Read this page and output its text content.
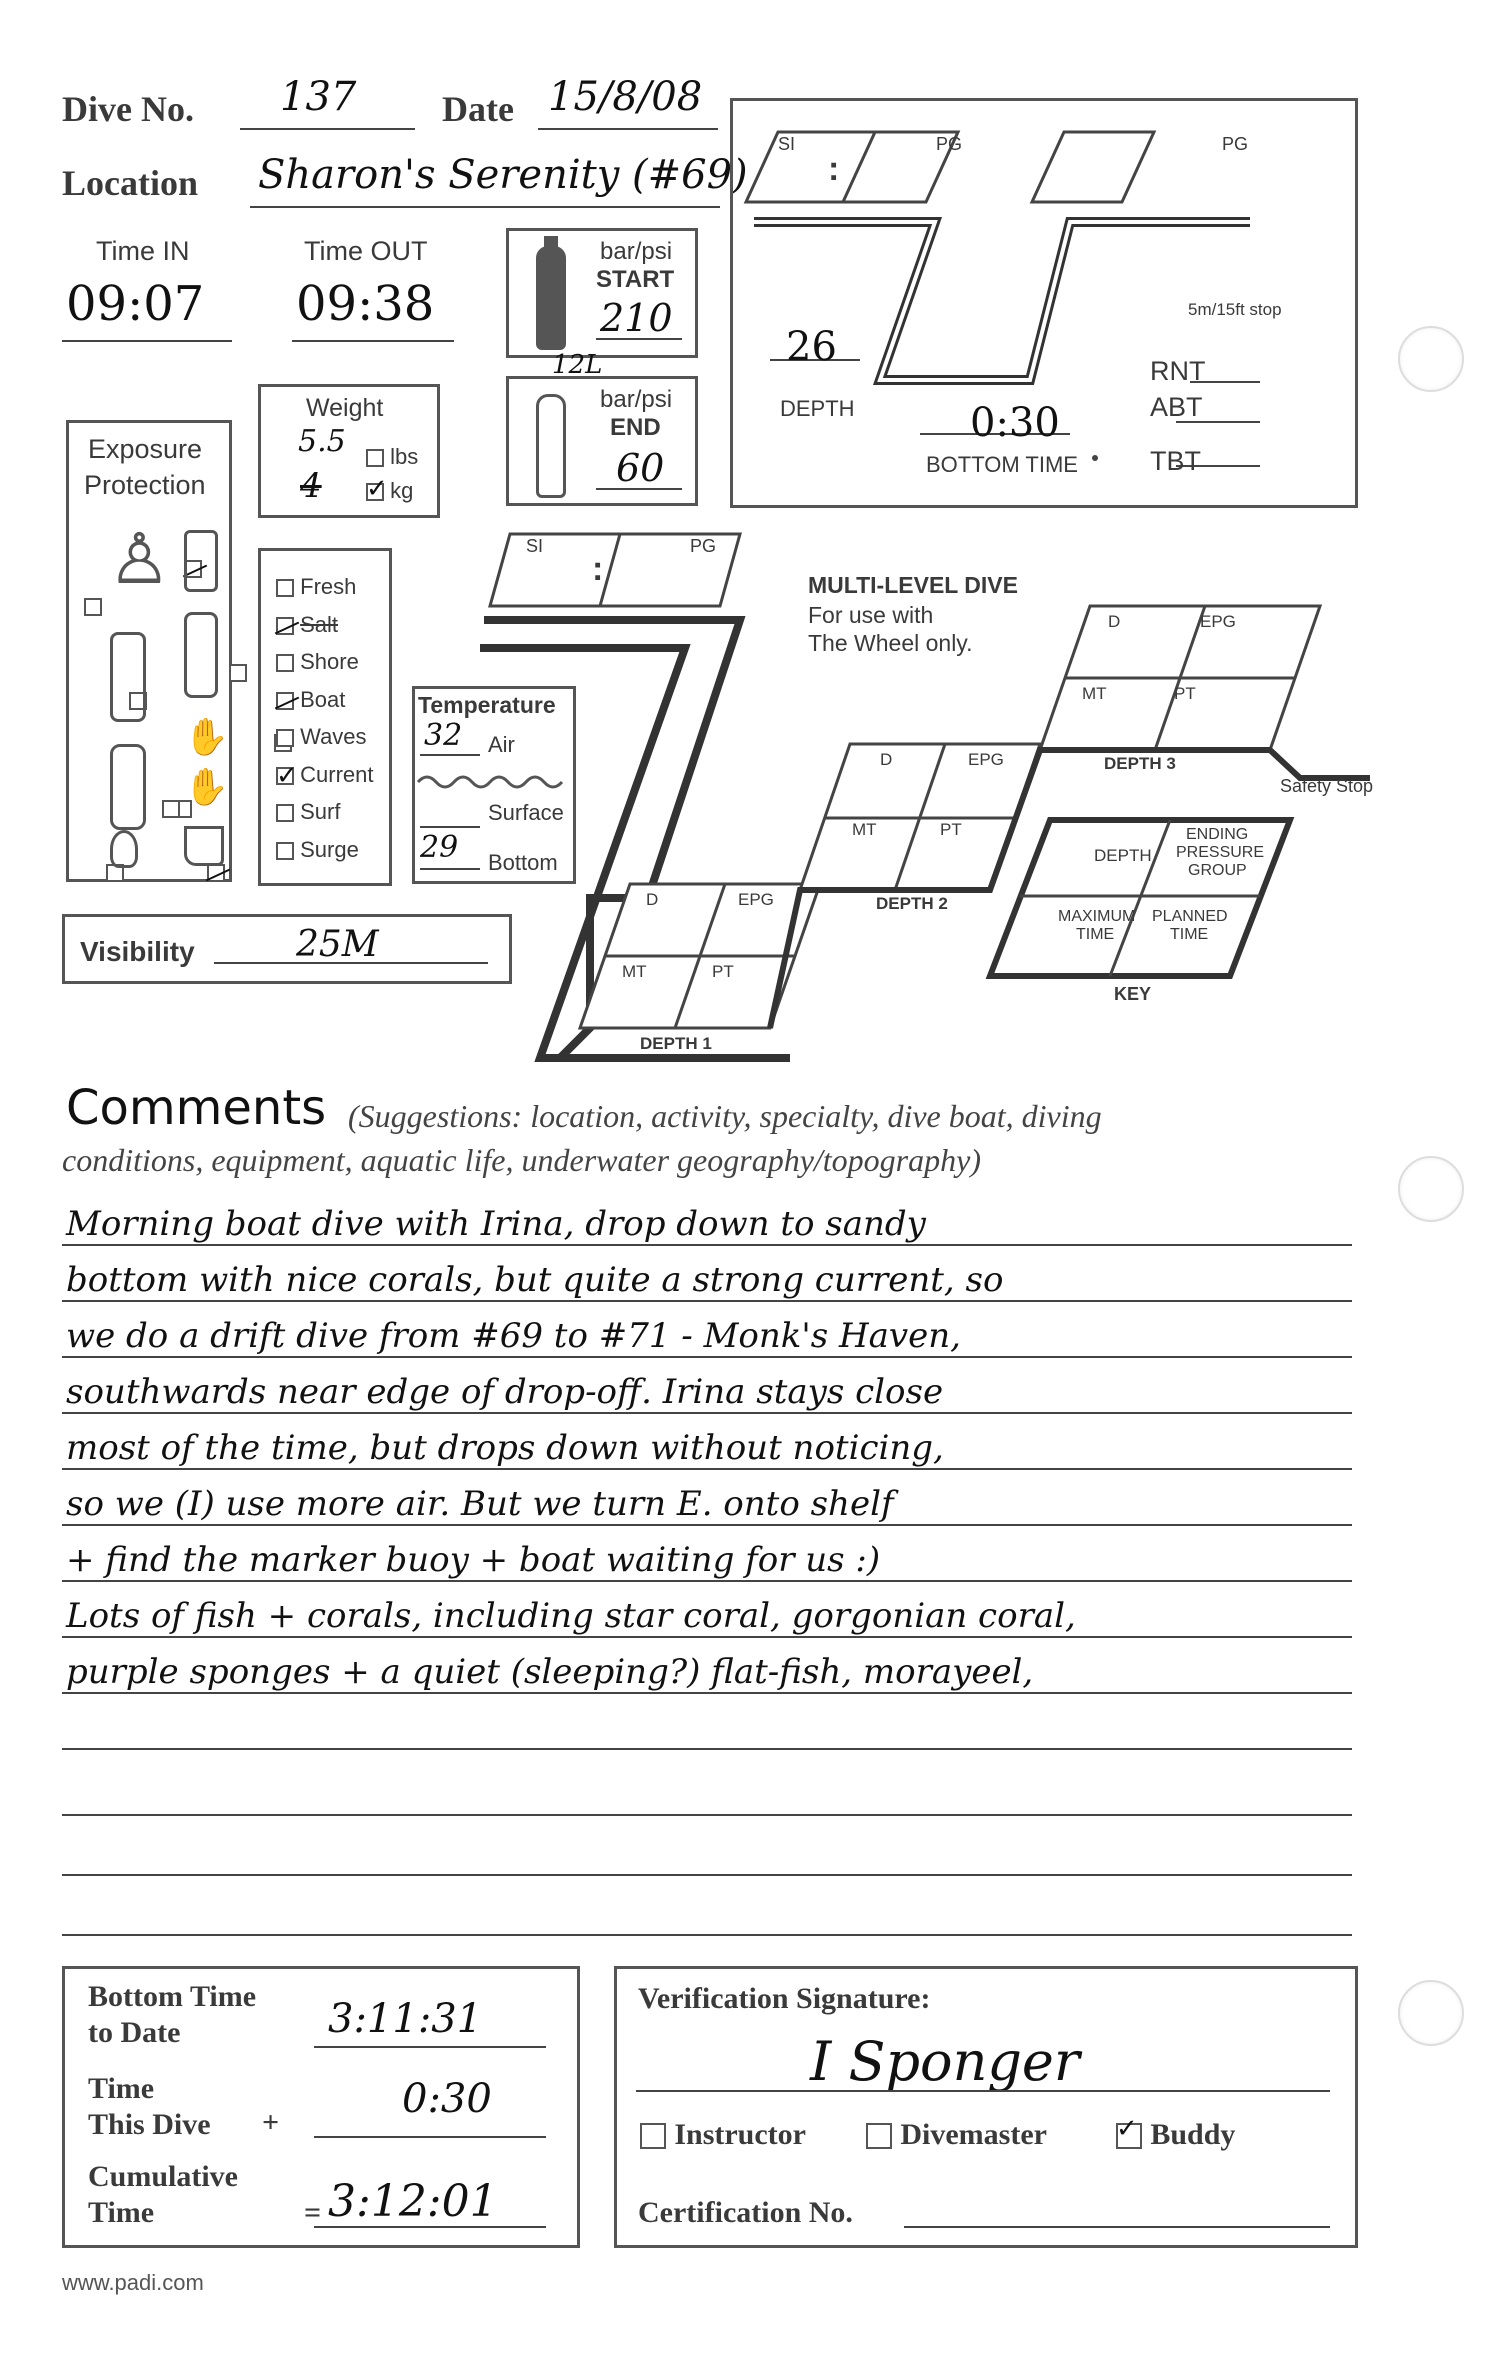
Dive No. 137 Date 15/8/08
Location Sharon's Serenity (#69)
Time IN
09:07
Time OUT
09:38
bar/psi
START
210
12L
bar/psi
END
60
Weight
5.5
4
lbs
✓ kg
Exposure
Protection

♙

✋

✋

Fresh
Salt
Shore
Boat
Waves
✓ Current
Surf
Surge
Temperature
32 Air
Surface
29 Bottom
Visibility	25M
SI
:
PG	PG
5m/15ft stop
26
DEPTH	0:30
BOTTOM TIME
RNT
ABT
TBT
SI
:
PG
MULTI-LEVEL DIVE
For use with
The Wheel only.
D	EPG
MT	PT
DEPTH 1
D	EPG
MT	PT
DEPTH 2
D	EPG
MT	PT
DEPTH 3
Safety Stop
DEPTH
ENDING
PRESSURE
GROUP
MAXIMUM
TIME
PLANNED
TIME
KEY
Comments (Suggestions: location, activity, specialty, dive boat, diving
conditions, equipment, aquatic life, underwater geography/topography)
Morning boat dive with Irina, drop down to sandy
bottom with nice corals, but quite a strong current, so
we do a drift dive from #69 to #71 - Monk's Haven,
southwards near edge of drop-off. Irina stays close
most of the time, but drops down without noticing,
so we (I) use more air. But we turn E. onto shelf
+ find the marker buoy + boat waiting for us :)
Lots of fish + corals, including star coral, gorgonian coral,
purple sponges + a quiet (sleeping?) flat-fish, morayeel,
Bottom Time
to Date	3:11:31
Time
This Dive +
0:30
Cumulative
Time	= 3:12:01
Verification Signature:
I Sponger
Instructor	Divemaster ✓	Buddy
Certification No.
www.padi.com
